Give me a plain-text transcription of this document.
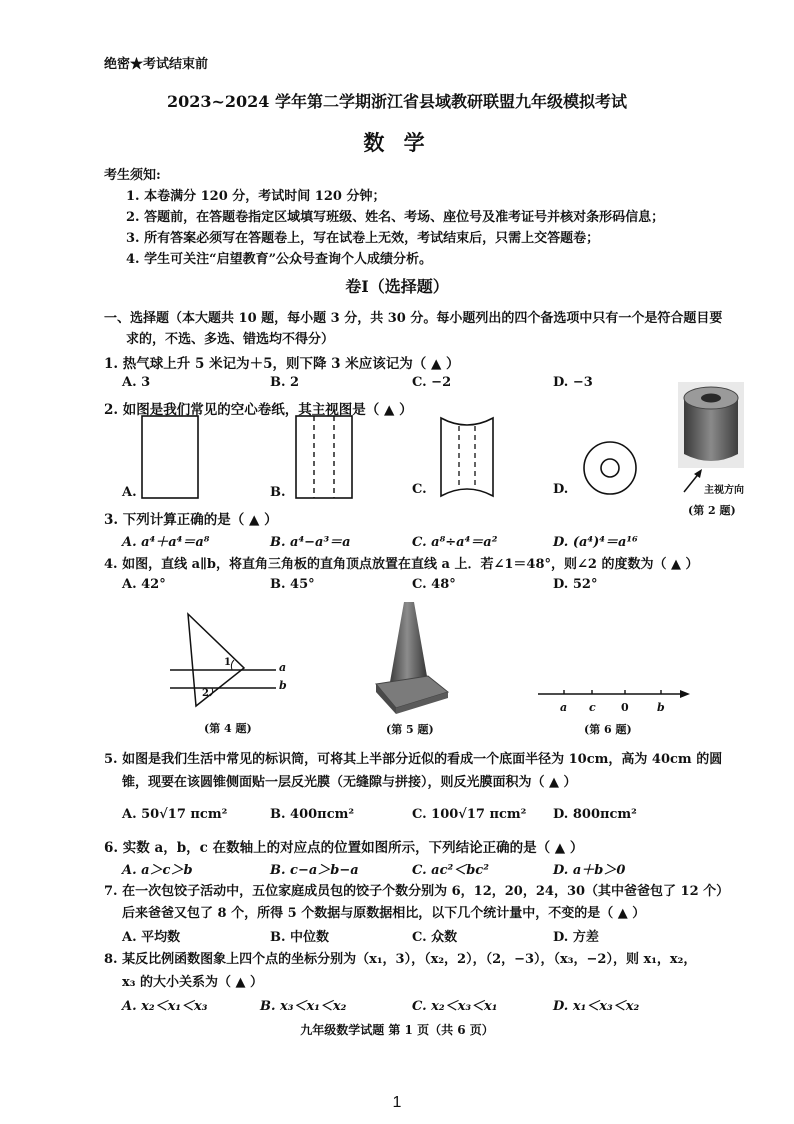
绝密★考试结束前
2023~2024 学年第二学期浙江省县域教研联盟九年级模拟考试
数 学
考生须知:
1. 本卷满分 120 分，考试时间 120 分钟；
2. 答题前，在答题卷指定区域填写班级、姓名、考场、座位号及准考证号并核对条形码信息；
3. 所有答案必须写在答题卷上，写在试卷上无效，考试结束后，只需上交答题卷；
4. 学生可关注“启望教育”公众号查询个人成绩分析。
卷I（选择题）
一、选择题（本大题共 10 题，每小题 3 分，共 30 分。每小题列出的四个备选项中只有一个是符合题目要
求的，不选、多选、错选均不得分）
1. 热气球上升 5 米记为＋5，则下降 3 米应该记为（ ▲ ）
A. 3	B. 2	C. −2	D. −3
2. 如图是我们常见的空心卷纸，其主视图是（ ▲ ）
A.	B.	C.	D.	主视方向
(第 2 题)
3. 下列计算正确的是（ ▲ ）
A. a⁴＋a⁴＝a⁸	B. a⁴−a³＝a	C. a⁸÷a⁴＝a²	D. (a⁴)⁴＝a¹⁶
4. 如图，直线 a∥b，将直角三角板的直角顶点放置在直线 a 上．若∠1＝48°，则∠2 的度数为（ ▲ ）
A. 42°	B. 45°	C. 48°	D. 52°
a
b
1
2
(第 4 题)	(第 5 题)
a c 0	b
(第 6 题)
5. 如图是我们生活中常见的标识筒，可将其上半部分近似的看成一个底面半径为 10cm，高为 40cm 的圆
锥，现要在该圆锥侧面贴一层反光膜（无缝隙与拼接），则反光膜面积为（ ▲ ）
A. 50√17 πcm²	B. 400πcm²	C. 100√17 πcm² D. 800πcm²
6. 实数 a，b，c 在数轴上的对应点的位置如图所示，下列结论正确的是（ ▲ ）
A. a＞c＞b	B. c−a＞b−a	C. ac²＜bc²	D. a＋b＞0
7. 在一次包饺子活动中，五位家庭成员包的饺子个数分别为 6，12，20，24，30（其中爸爸包了 12 个）
后来爸爸又包了 8 个，所得 5 个数据与原数据相比，以下几个统计量中，不变的是（ ▲ ）
A. 平均数	B. 中位数	C. 众数	D. 方差
8. 某反比例函数图象上四个点的坐标分别为（x₁，3），（x₂，2），（2，−3），（x₃，−2），则 x₁，x₂，
x₃ 的大小关系为（ ▲ ）
A. x₂＜x₁＜x₃	B. x₃＜x₁＜x₂	C. x₂＜x₃＜x₁	D. x₁＜x₃＜x₂
九年级数学试题 第 1 页（共 6 页）
1
